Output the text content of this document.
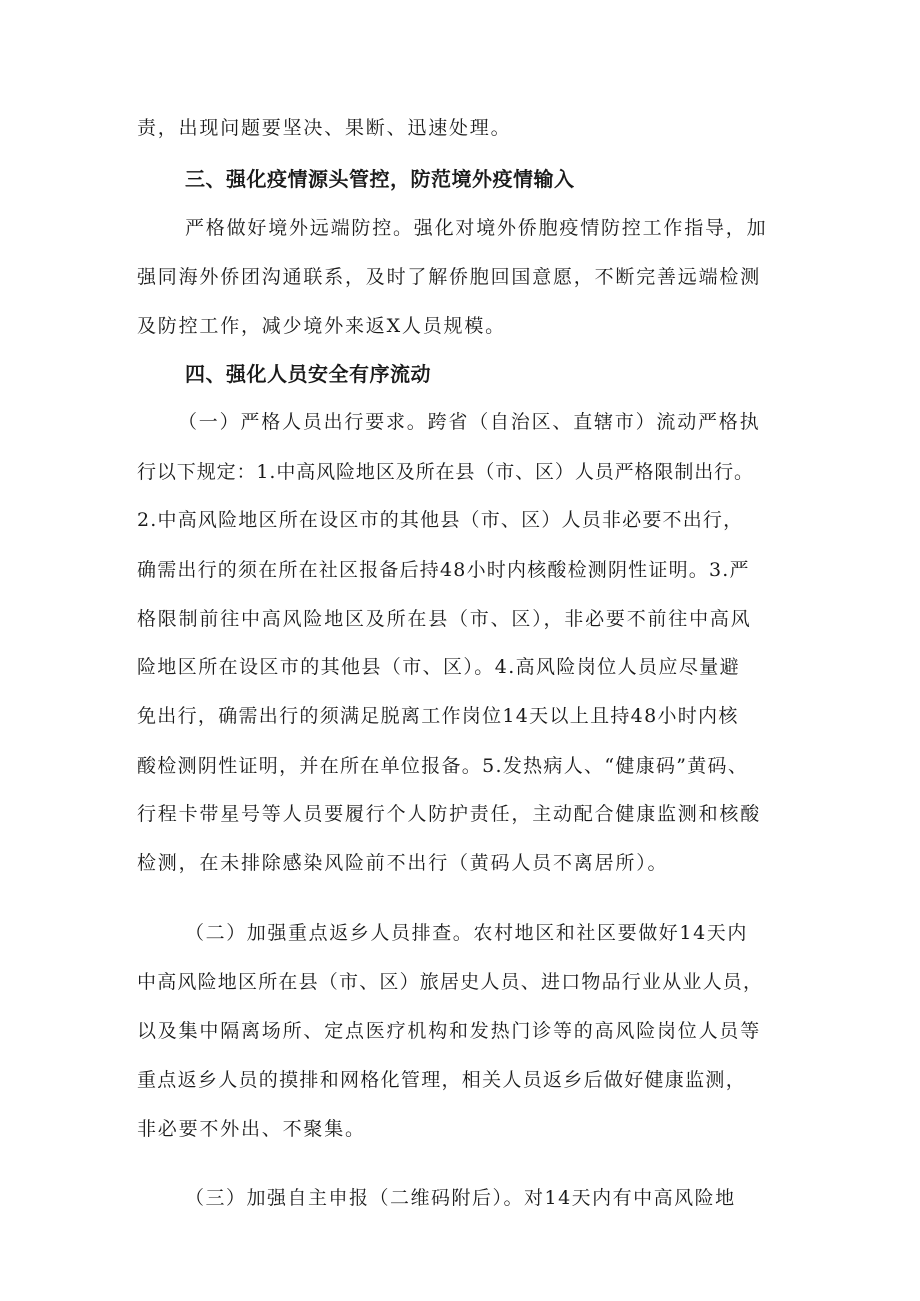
责，出现问题要坚决、果断、迅速处理。
三、强化疫情源头管控，防范境外疫情输入
严格做好境外远端防控。强化对境外侨胞疫情防控工作指导，加
强同海外侨团沟通联系，及时了解侨胞回国意愿，不断完善远端检测
及防控工作，减少境外来返X人员规模。
四、强化人员安全有序流动
（一）严格人员出行要求。跨省（自治区、直辖市）流动严格执
行以下规定：1.中高风险地区及所在县（市、区）人员严格限制出行。
2.中高风险地区所在设区市的其他县（市、区）人员非必要不出行，
确需出行的须在所在社区报备后持48小时内核酸检测阴性证明。3.严
格限制前往中高风险地区及所在县（市、区），非必要不前往中高风
险地区所在设区市的其他县（市、区）。4.高风险岗位人员应尽量避
免出行，确需出行的须满足脱离工作岗位14天以上且持48小时内核
酸检测阴性证明，并在所在单位报备。5.发热病人、“健康码”黄码、
行程卡带星号等人员要履行个人防护责任，主动配合健康监测和核酸
检测，在未排除感染风险前不出行（黄码人员不离居所）。
（二）加强重点返乡人员排查。农村地区和社区要做好14天内
中高风险地区所在县（市、区）旅居史人员、进口物品行业从业人员，
以及集中隔离场所、定点医疗机构和发热门诊等的高风险岗位人员等
重点返乡人员的摸排和网格化管理，相关人员返乡后做好健康监测，
非必要不外出、不聚集。
（三）加强自主申报（二维码附后）。对14天内有中高风险地
